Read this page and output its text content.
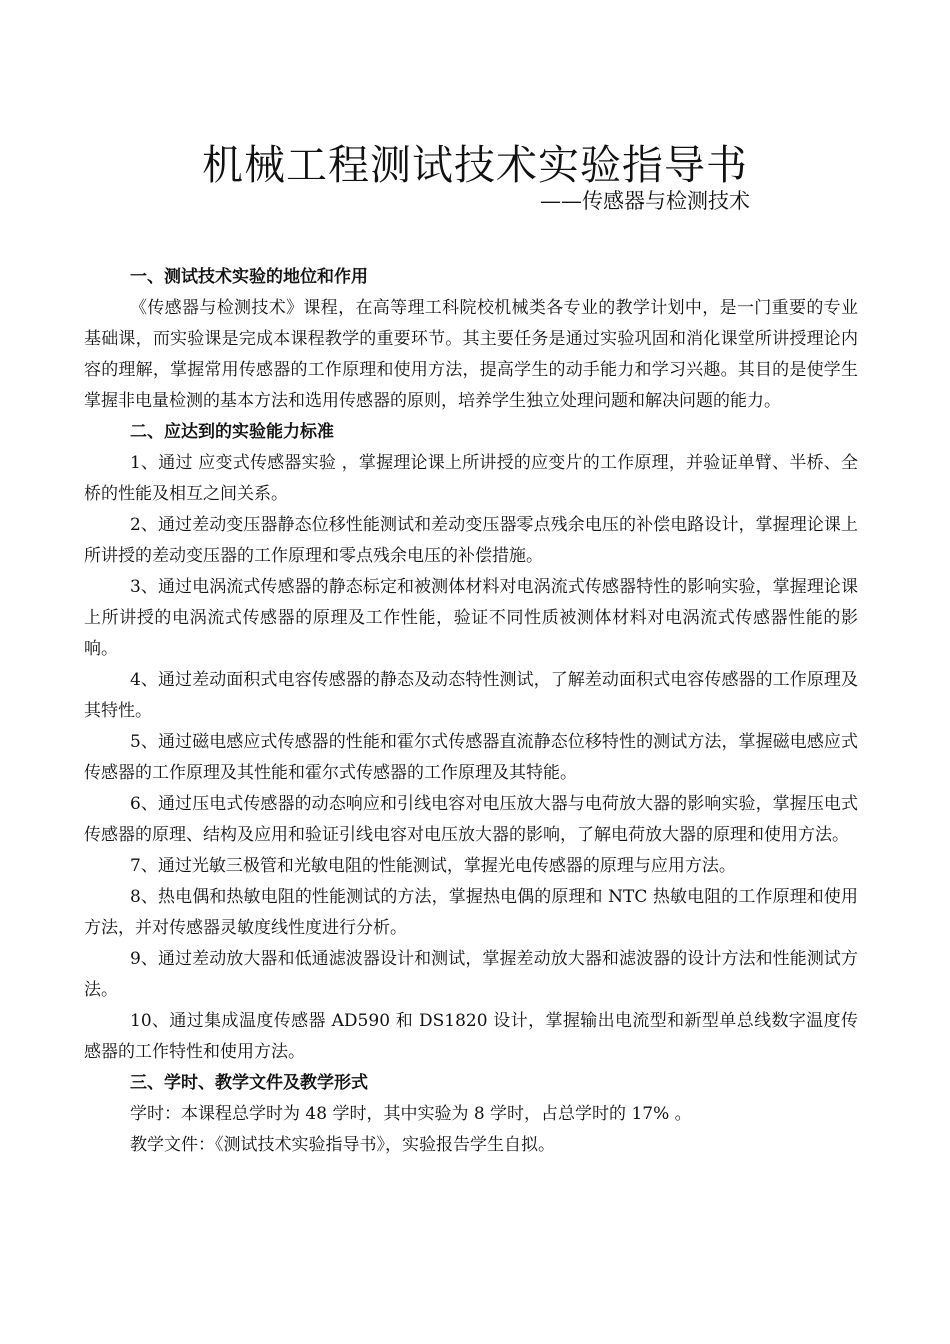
机械工程测试技术实验指导书

——传感器与检测技术

一、测试技术实验的地位和作用

《传感器与检测技术》课程，在高等理工科院校机械类各专业的教学计划中，是一门重要的专业基础课，而实验课是完成本课程教学的重要环节。其主要任务是通过实验巩固和消化课堂所讲授理论内容的理解，掌握常用传感器的工作原理和使用方法，提高学生的动手能力和学习兴趣。其目的是使学生掌握非电量检测的基本方法和选用传感器的原则，培养学生独立处理问题和解决问题的能力。

二、应达到的实验能力标准

1、通过 应变式传感器实验 ，掌握理论课上所讲授的应变片的工作原理，并验证单臂、半桥、全桥的性能及相互之间关系。

2、通过差动变压器静态位移性能测试和差动变压器零点残余电压的补偿电路设计，掌握理论课上所讲授的差动变压器的工作原理和零点残余电压的补偿措施。

3、通过电涡流式传感器的静态标定和被测体材料对电涡流式传感器特性的影响实验，掌握理论课上所讲授的电涡流式传感器的原理及工作性能，验证不同性质被测体材料对电涡流式传感器性能的影响。

4、通过差动面积式电容传感器的静态及动态特性测试，了解差动面积式电容传感器的工作原理及其特性。

5、通过磁电感应式传感器的性能和霍尔式传感器直流静态位移特性的测试方法，掌握磁电感应式传感器的工作原理及其性能和霍尔式传感器的工作原理及其特能。

6、通过压电式传感器的动态响应和引线电容对电压放大器与电荷放大器的影响实验，掌握压电式传感器的原理、结构及应用和验证引线电容对电压放大器的影响，了解电荷放大器的原理和使用方法。

7、通过光敏三极管和光敏电阻的性能测试，掌握光电传感器的原理与应用方法。

8、热电偶和热敏电阻的性能测试的方法，掌握热电偶的原理和 NTC 热敏电阻的工作原理和使用方法，并对传感器灵敏度线性度进行分析。

9、通过差动放大器和低通滤波器设计和测试，掌握差动放大器和滤波器的设计方法和性能测试方法。

10、通过集成温度传感器 AD590 和 DS1820 设计，掌握输出电流型和新型单总线数字温度传感器的工作特性和使用方法。

三、学时、教学文件及教学形式

学时：本课程总学时为 48 学时，其中实验为 8 学时，占总学时的 17% 。

教学文件：《测试技术实验指导书》，实验报告学生自拟。
